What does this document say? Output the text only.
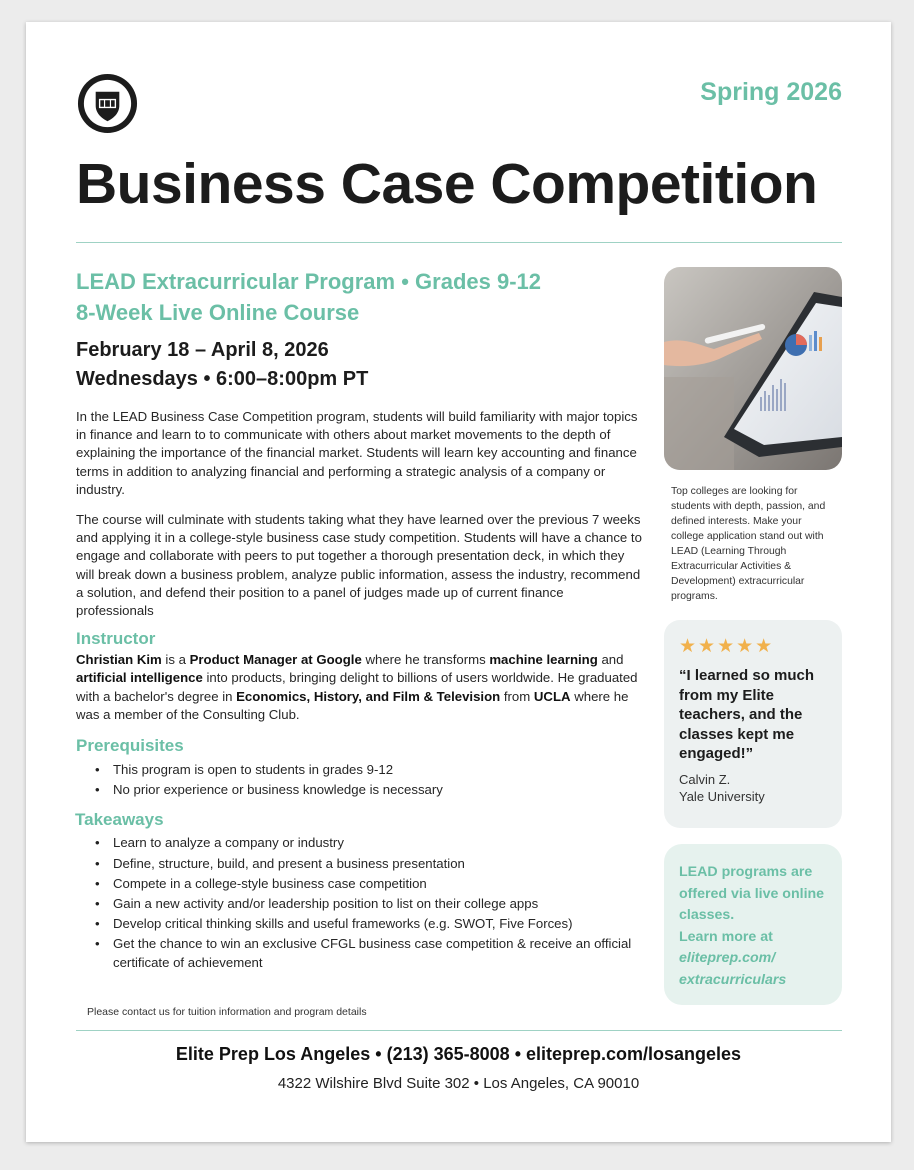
Spring 2026
Business Case Competition
LEAD Extracurricular Program • Grades 9-12
8-Week Live Online Course
February 18 – April 8, 2026
Wednesdays • 6:00–8:00pm PT
In the LEAD Business Case Competition program, students will build familiarity with major topics in finance and learn to to communicate with others about market movements to the depth of explaining the importance of the financial market. Students will learn key accounting and finance terms in addition to analyzing financial and performing a strategic analysis of a company or industry.
The course will culminate with students taking what they have learned over the previous 7 weeks and applying it in a college-style business case study competition. Students will have a chance to engage and collaborate with peers to put together a thorough presentation deck, in which they will break down a business problem, analyze public information, assess the industry, recommend a solution, and defend their position to a panel of judges made up of current finance professionals
Instructor
Christian Kim is a Product Manager at Google where he transforms machine learning and artificial intelligence into products, bringing delight to billions of users worldwide. He graduated with a bachelor's degree in Economics, History, and Film & Television from UCLA where he was a member of the Consulting Club.
Prerequisites
• This program is open to students in grades 9-12
• No prior experience or business knowledge is necessary
Takeaways
• Learn to analyze a company or industry
• Define, structure, build, and present a business presentation
• Compete in a college-style business case competition
• Gain a new activity and/or leadership position to list on their college apps
• Develop critical thinking skills and useful frameworks (e.g. SWOT, Five Forces)
• Get the chance to win an exclusive CFGL business case competition & receive an official certificate of achievement
Please contact us for tuition information and program details
Top colleges are looking for students with depth, passion, and defined interests. Make your college application stand out with LEAD (Learning Through Extracurricular Activities & Development) extracurricular programs.
★★★★★
“I learned so much from my Elite teachers, and the classes kept me engaged!”
Calvin Z.
Yale University
LEAD programs are offered via live online classes.
Learn more at
eliteprep.com/ extracurriculars
Elite Prep Los Angeles • (213) 365-8008 • eliteprep.com/losangeles
4322 Wilshire Blvd Suite 302 • Los Angeles, CA 90010
